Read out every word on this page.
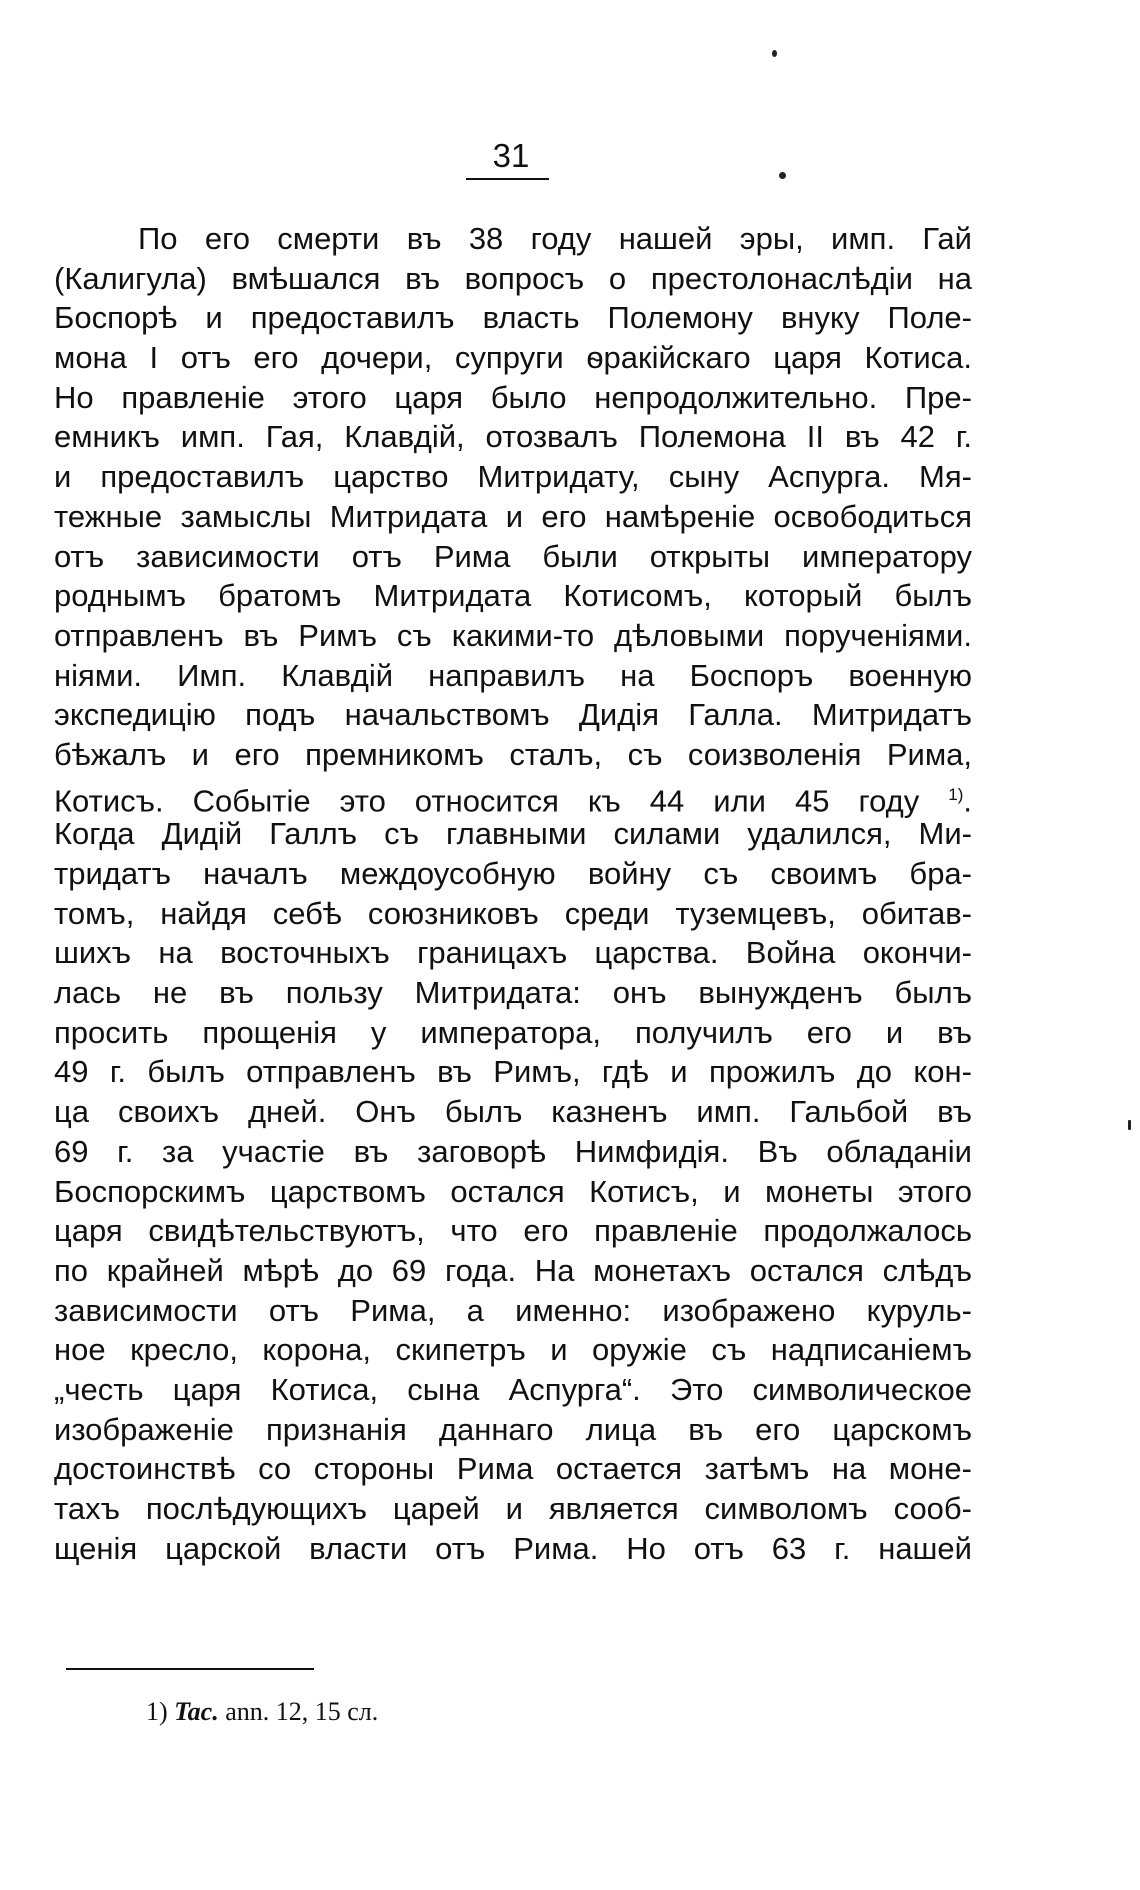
31
По его смерти въ 38 году нашей эры, имп. Гай
(Калигула) вмѣшался въ вопросъ о престолонаслѣдіи на
Боспорѣ и предоставилъ власть Полемону внуку Поле-
мона I отъ его дочери, супруги ѳракійскаго царя Котиса.
Но правленіе этого царя было непродолжительно. Пре-
емникъ имп. Гая, Клавдій, отозвалъ Полемона II въ 42 г.
и предоставилъ царство Митридату, сыну Аспурга. Мя-
тежные замыслы Митридата и его намѣреніе освободиться
отъ зависимости отъ Рима были открыты императору
роднымъ братомъ Митридата Котисомъ, который былъ
отправленъ въ Римъ съ какими-то дѣловыми порученіями.
ніями. Имп. Клавдій направилъ на Боспоръ военную
экспедицію подъ начальствомъ Дидія Галла. Митридатъ
бѣжалъ и его премникомъ сталъ, съ соизволенія Рима,
Котисъ. Событіе это относится къ 44 или 45 году $^{1)}$.
Когда Дидій Галлъ съ главными силами удалился, Ми-
тридатъ началъ междоусобную войну съ своимъ бра-
томъ, найдя себѣ союзниковъ среди туземцевъ, обитав-
шихъ на восточныхъ границахъ царства. Война окончи-
лась не въ пользу Митридата: онъ вынужденъ былъ
просить прощенія у императора, получилъ его и въ
49 г. былъ отправленъ въ Римъ, гдѣ и прожилъ до кон-
ца своихъ дней. Онъ былъ казненъ имп. Гальбой въ
69 г. за участіе въ заговорѣ Нимфидія. Въ обладаніи
Боспорскимъ царствомъ остался Котисъ, и монеты этого
царя свидѣтельствуютъ, что его правленіе продолжалось
по крайней мѣрѣ до 69 года. На монетахъ остался слѣдъ
зависимости отъ Рима, а именно: изображено куруль-
ное кресло, корона, скипетръ и оружіе съ надписаніемъ
„честь царя Котиса, сына Аспурга“. Это символическое
изображеніе признанія даннаго лица въ его царскомъ
достоинствѣ со стороны Рима остается затѣмъ на моне-
тахъ послѣдующихъ царей и является символомъ сооб-
щенія царской власти отъ Рима. Но отъ 63 г. нашей
1) Tac. ann. 12, 15 сл.
